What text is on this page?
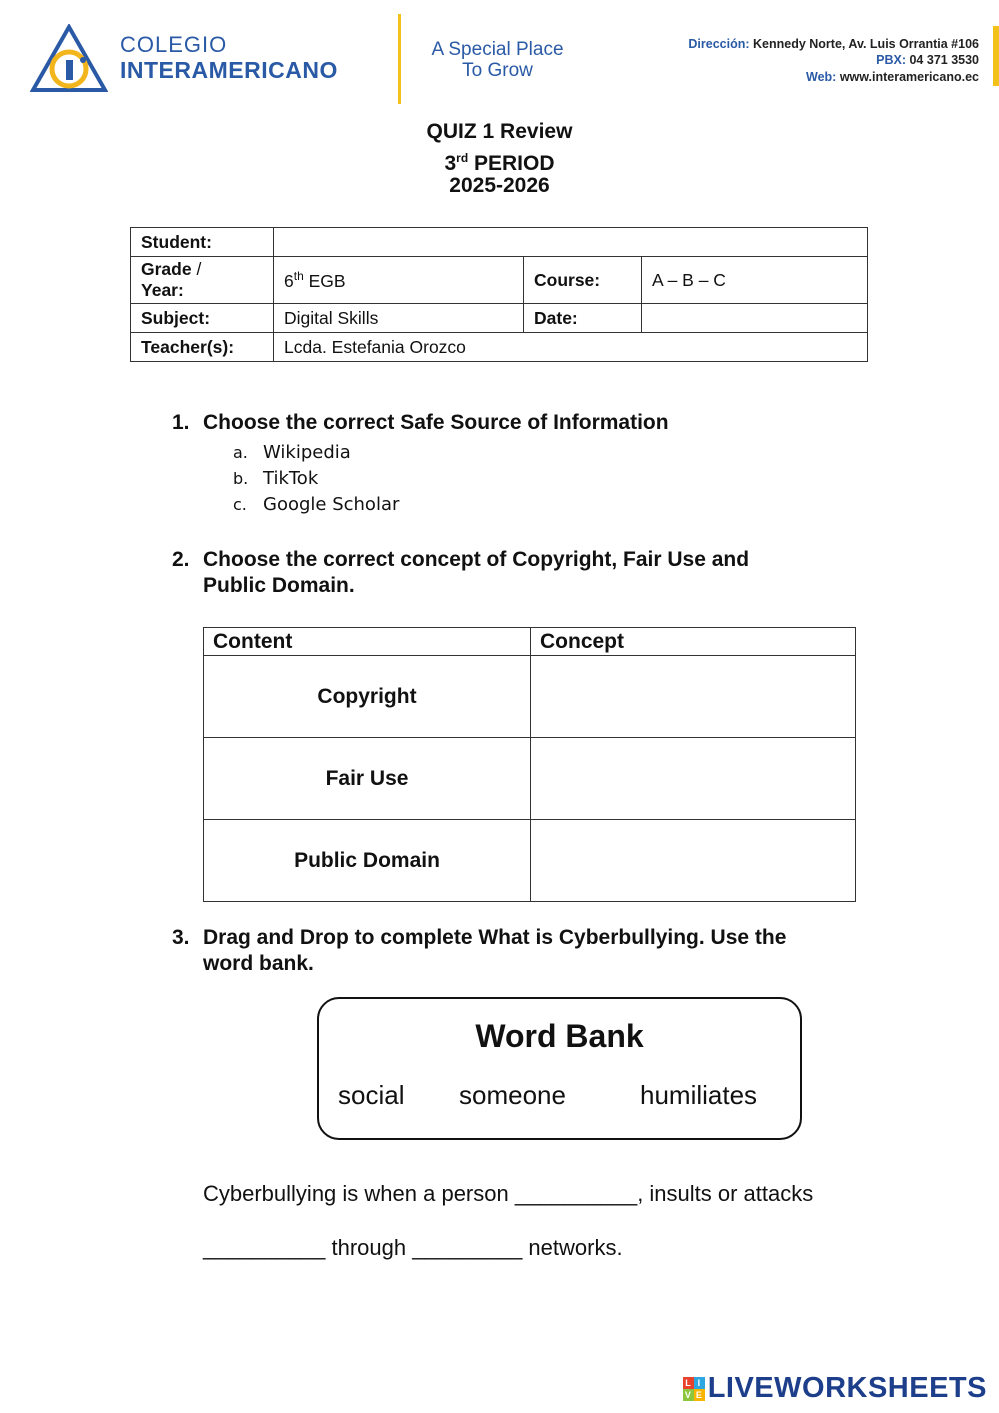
COLEGIO
INTERAMERICANO
A Special Place
To Grow
Dirección: Kennedy Norte, Av. Luis Orrantia #106
PBX: 04 371 3530
Web: www.interamericano.ec
QUIZ 1 Review
3rd PERIOD
2025-2026
Student:			
Grade /
Year:	6th EGB	Course:	A – B – C
Subject:	Digital Skills	Date:	
Teacher(s):	Lcda. Estefania Orozco		
1. Choose the correct Safe Source of Information
a. Wikipedia
b. TikTok
c. Google Scholar
2. Choose the correct concept of Copyright, Fair Use and
Public Domain.
Content	Concept
Copyright	
Fair Use	
Public Domain	
3. Drag and Drop to complete What is Cyberbullying. Use the
word bank.
Word Bank
social someone	humiliates
Cyberbullying is when a person __________, insults or attacks
__________ through _________ networks.
L I
V E LIVEWORKSHEETS
